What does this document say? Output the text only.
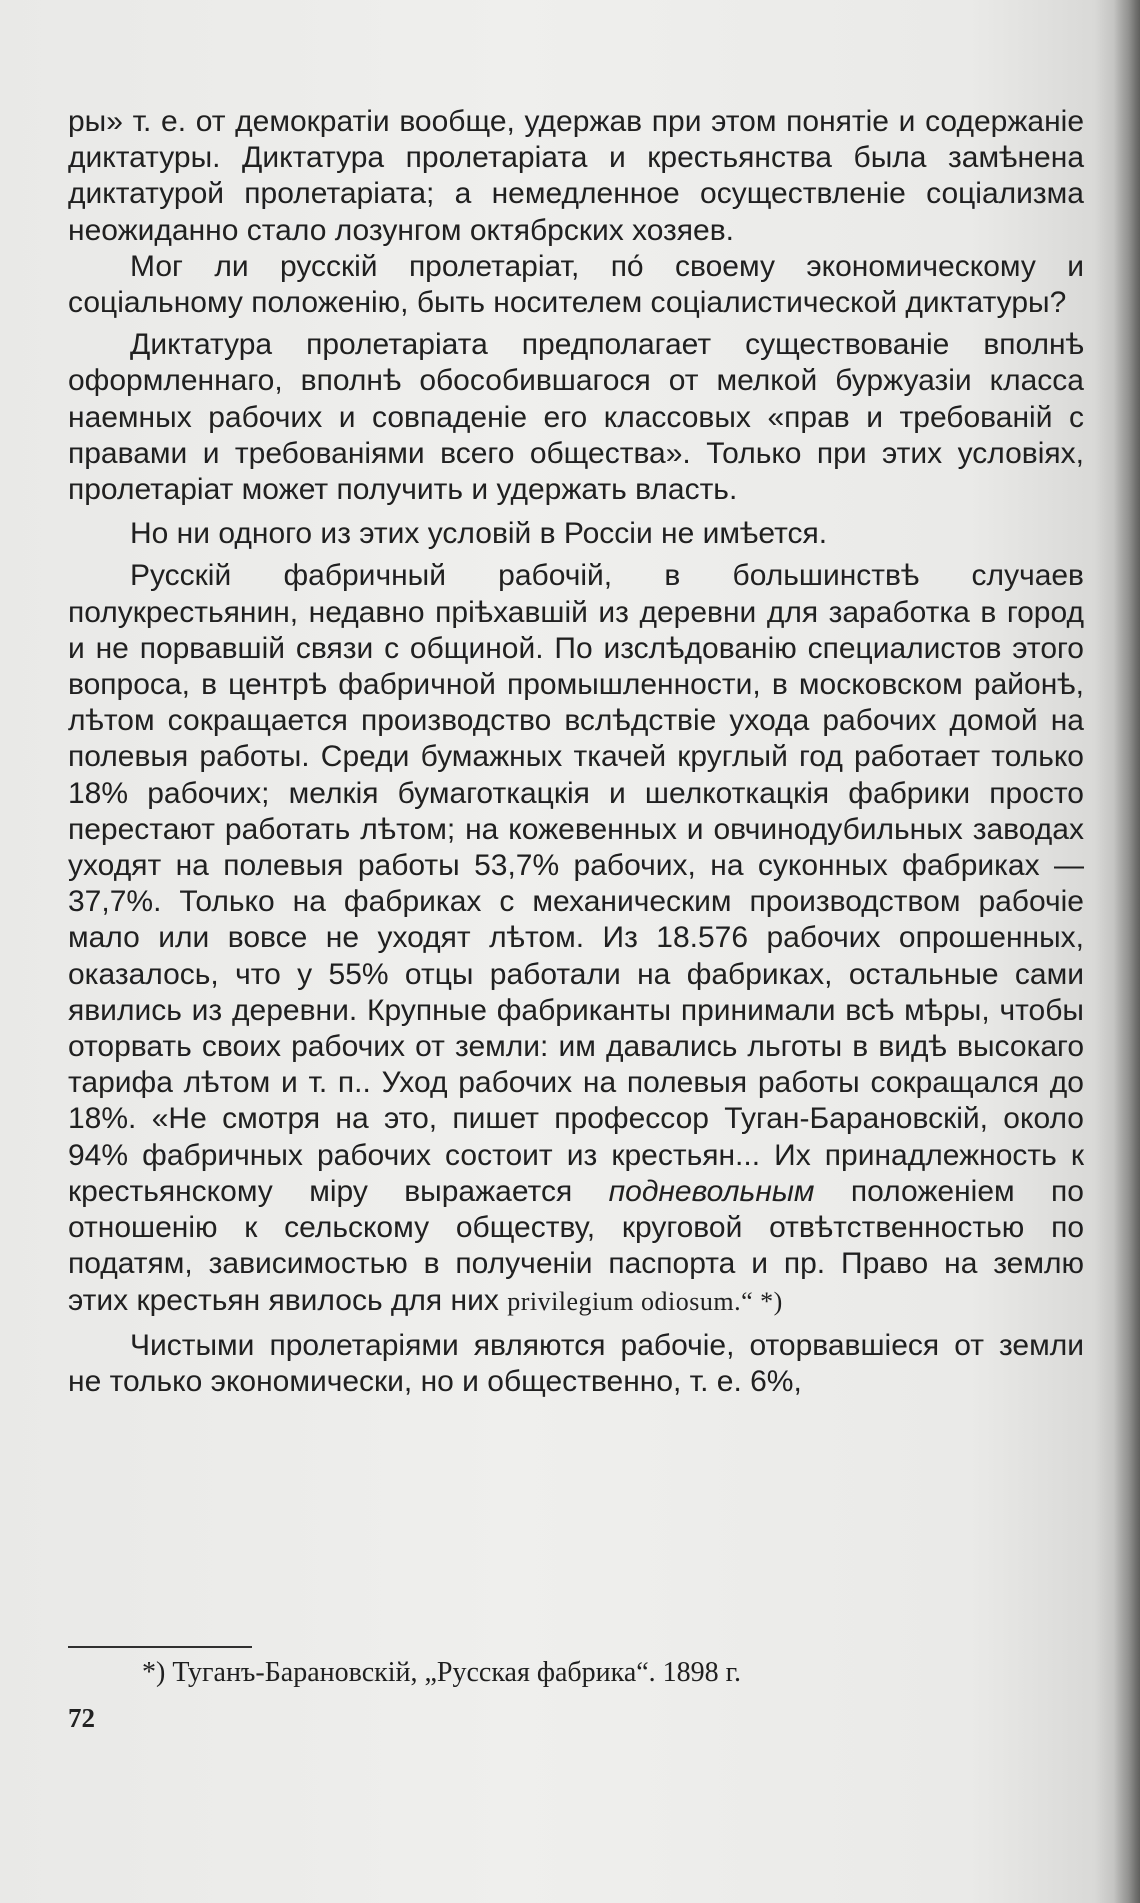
ры» т. е. от демократіи вообще, удержав при этом понятіе и содержаніе диктатуры. Диктатура пролетаріата и крестьянства была замѣнена диктатурой пролетаріата; а немедленное осуществленіе соціализма неожиданно стало лозунгом октябрских хозяев.

Мог ли русскій пролетаріат, по́ своему экономическому и соціальному положенію, быть носителем соціалистической диктатуры?

Диктатура пролетаріата предполагает существованіе вполнѣ оформленнаго, вполнѣ обособившагося от мелкой буржуазіи класса наемных рабочих и совпаденіе его классовых «прав и требованій с правами и требованіями всего общества». Только при этих условіях, пролетаріат может получить и удержать власть.

Но ни одного из этих условій в Россіи не имѣется.

Русскій фабричный рабочій, в большинствѣ случаев полукрестьянин, недавно пріѣхавшій из деревни для заработка в город и не порвавшій связи с общиной. По изслѣдованію специалистов этого вопроса, в центрѣ фабричной промышленности, в московском районѣ, лѣтом сокращается производство вслѣдствіе ухода рабочих домой на полевыя работы. Среди бумажных ткачей круглый год работает только 18% рабочих; мелкія бумаготкацкія и шелкоткацкія фабрики просто перестают работать лѣтом; на кожевенных и овчинодубильных заводах уходят на полевыя работы 53,7% рабочих, на суконных фабриках — 37,7%. Только на фабриках с механическим производством рабочіе мало или вовсе не уходят лѣтом. Из 18.576 рабочих опрошенных, оказалось, что у 55% отцы работали на фабриках, остальные сами явились из деревни. Крупные фабриканты принимали всѣ мѣры, чтобы оторвать своих рабочих от земли: им давались льготы в видѣ высокаго тарифа лѣтом и т. п.. Уход рабочих на полевыя работы сокращался до 18%. «Не смотря на это, пишет профессор Туган-Барановскій, около 94% фабричных рабочих состоит из крестьян... Их принадлежность к крестьянскому міру выражается подневольным положеніем по отношенію к сельскому обществу, круговой отвѣтственностью по податям, зависимостью в полученіи паспорта и пр. Право на землю этих крестьян явилось для них privilegium odiosum.“ *)

Чистыми пролетаріями являются рабочіе, оторвавшіеся от земли не только экономически, но и общественно, т. е. 6%,

*) Туганъ-Барановскій, „Русская фабрика“. 1898 г.
72
